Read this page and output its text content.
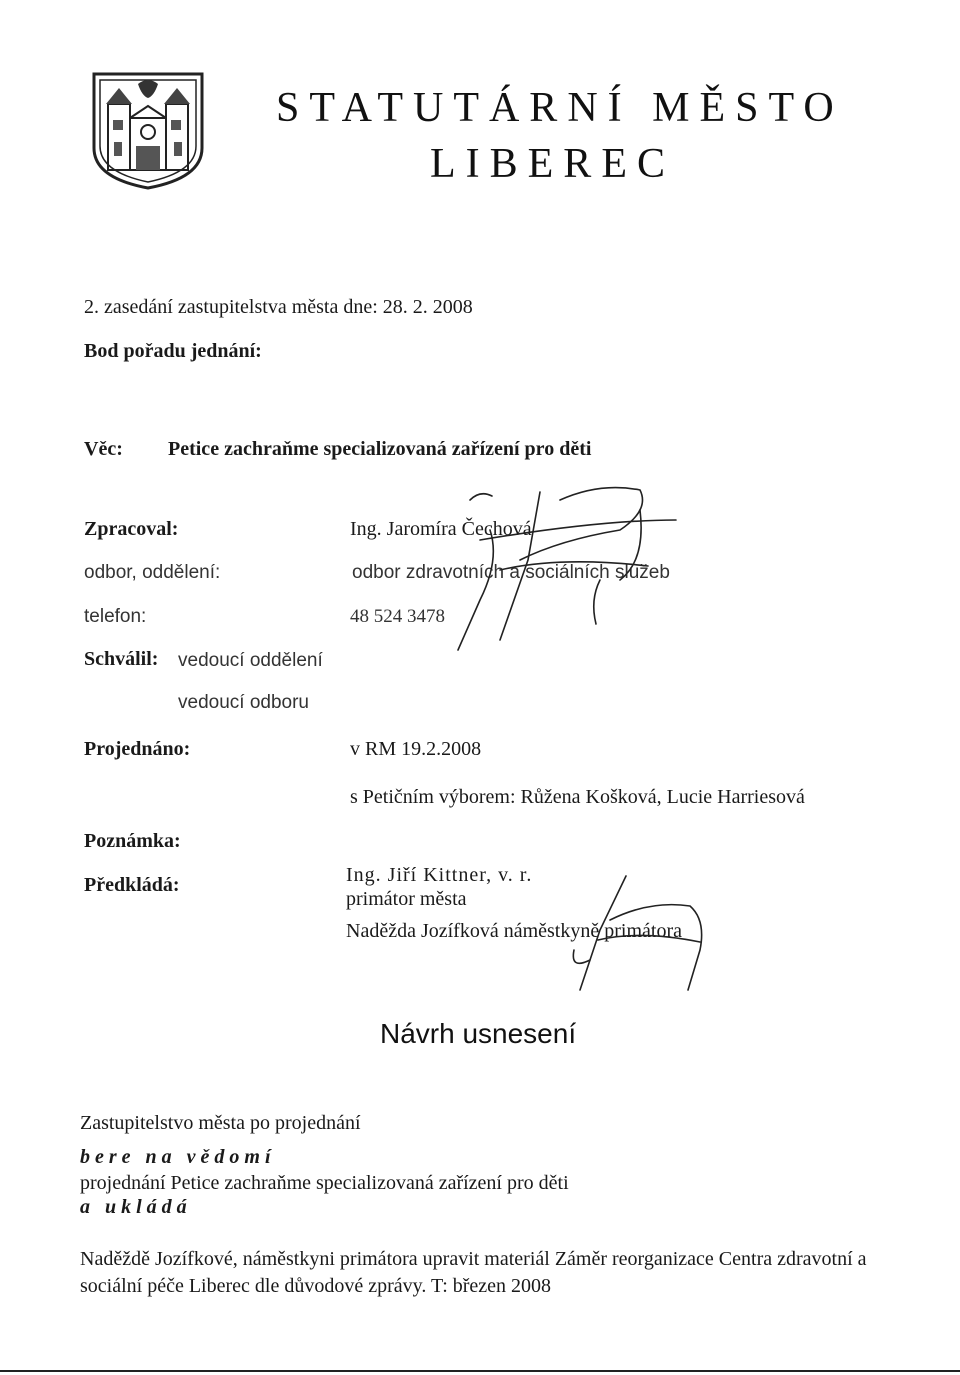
STATUTÁRNÍ MĚSTO
LIBEREC
2. zasedání zastupitelstva města dne: 28. 2. 2008
Bod pořadu jednání:
Věc: Petice zachraňme specializovaná zařízení pro děti
Zpracoval:	Ing. Jaromíra Čechová
odbor, oddělení:	odbor zdravotních a sociálních služeb
telefon:	48 524 3478
Schválil: vedoucí oddělení
vedoucí odboru
Projednáno:	v RM 19.2.2008
s Petičním výborem: Růžena Košková, Lucie Harriesová
Poznámka:
Předkládá:	Ing. Jiří Kittner, v. r.
primátor města
Naděžda Jozífková náměstkyně primátora
Návrh usnesení
Zastupitelstvo města po projednání
bere na vědomí
projednání Petice zachraňme specializovaná zařízení pro děti
a ukládá
Naděždě Jozífkové, náměstkyni primátora upravit materiál Záměr reorganizace Centra zdravotní a sociální péče Liberec dle důvodové zprávy. T: březen 2008
